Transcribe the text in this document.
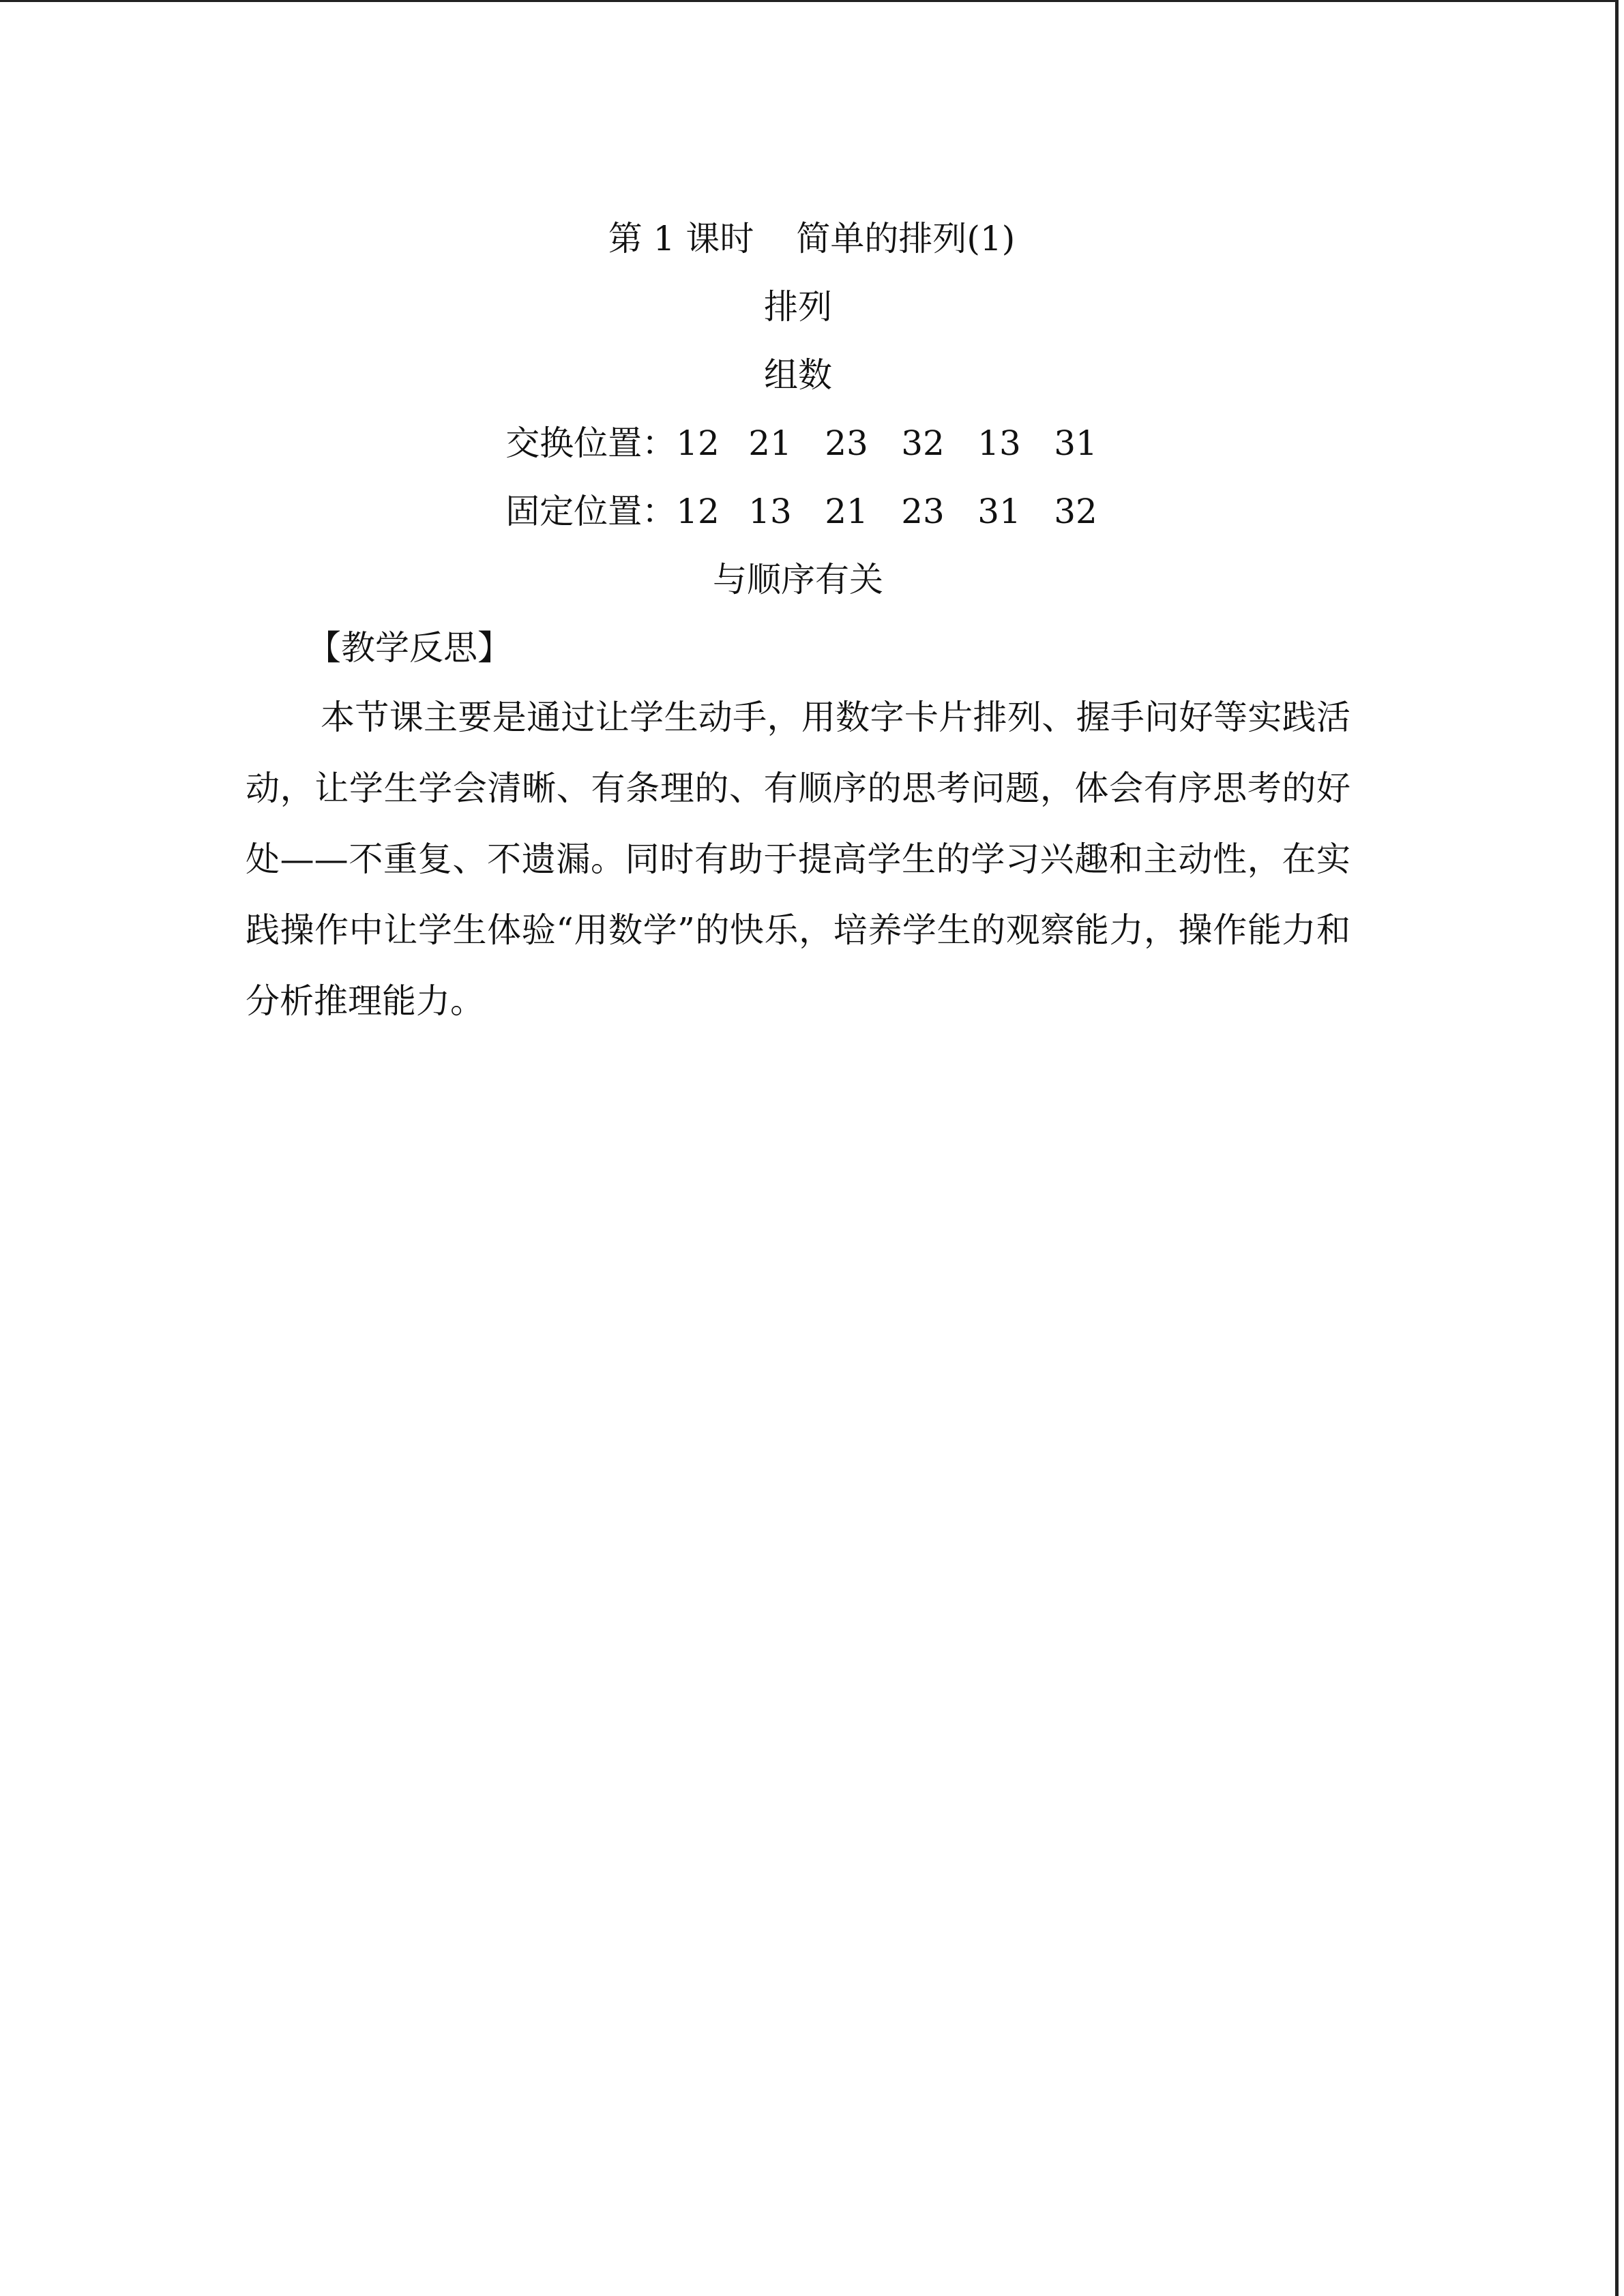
第 1 课时 简单的排列(1)
排列
组数
交换位置：12 21 23 32 13 31
固定位置：12 13 21 23 31 32
与顺序有关
【教学反思】

本节课主要是通过让学生动手，用数字卡片排列、握手问好等实践活动，让学生学会清晰、有条理的、有顺序的思考问题，体会有序思考的好处——不重复、不遗漏。同时有助于提高学生的学习兴趣和主动性，在实践操作中让学生体验“用数学”的快乐，培养学生的观察能力，操作能力和分析推理能力。
